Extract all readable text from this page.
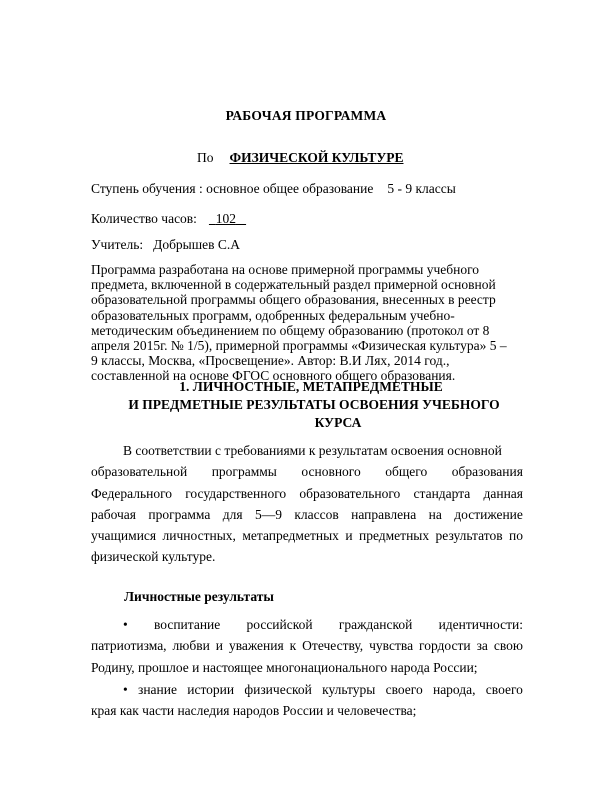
РАБОЧАЯ ПРОГРАММА
По ФИЗИЧЕСКОЙ КУЛЬТУРЕ
Ступень обучения : основное общее образование 5 - 9 классы
Количество часов: 102
Учитель: Добрышев С.А
Программа разработана на основе примерной программы учебного
предмета, включенной в содержательный раздел примерной основной
образовательной программы общего образования, внесенных в реестр
образовательных программ, одобренных федеральным учебно-
методическим объединением по общему образованию (протокол от 8
апреля 2015г. № 1/5), примерной программы «Физическая культура» 5 –
9 классы, Москва, «Просвещение». Автор: В.И Лях, 2014 год.,
составленной на основе ФГОС основного общего образования.
1. ЛИЧНОСТНЫЕ, МЕТАПРЕДМЕТНЫЕ
И ПРЕДМЕТНЫЕ РЕЗУЛЬТАТЫ ОСВОЕНИЯ УЧЕБНОГО
КУРСА
В соответствии с требованиями к результатам освоения основной
образовательной программы основного общего образования
Федерального государственного образовательного стандарта данная
рабочая программа для 5—9 классов направлена на достижение
учащимися личностных, метапредметных и предметных результатов по
физической культуре.
Личностные результаты
• воспитание российской гражданской идентичности:
патриотизма, любви и уважения к Отечеству, чувства гордости за свою
Родину, прошлое и настоящее многонационального народа России;
• знание истории физической культуры своего народа, своего
края как части наследия народов России и человечества;
